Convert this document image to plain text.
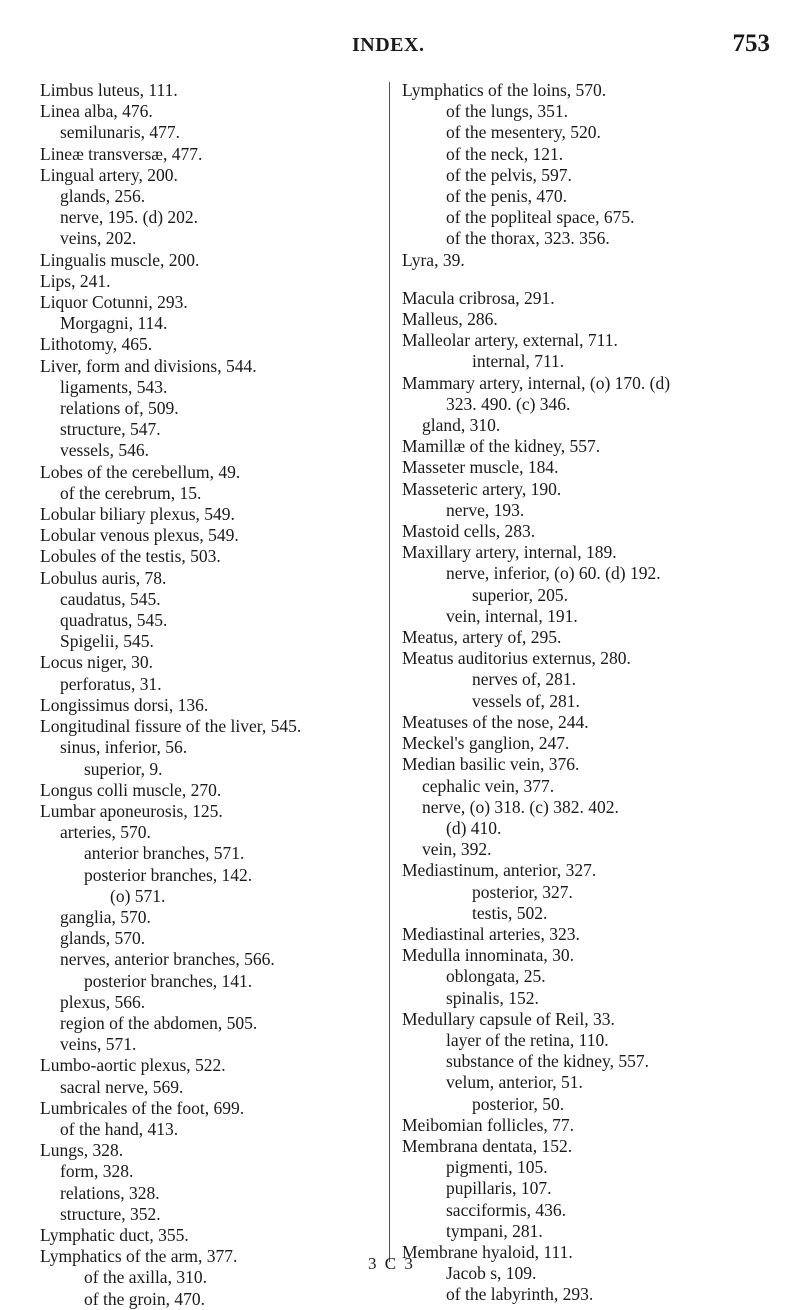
INDEX.	753
Limbus luteus, 111.
Linea alba, 476.
semilunaris, 477.
Lineæ transversæ, 477.
Lingual artery, 200.
glands, 256.
nerve, 195. (d) 202.
veins, 202.
Lingualis muscle, 200.
Lips, 241.
Liquor Cotunni, 293.
Morgagni, 114.
Lithotomy, 465.
Liver, form and divisions, 544.
ligaments, 543.
relations of, 509.
structure, 547.
vessels, 546.
Lobes of the cerebellum, 49.
of the cerebrum, 15.
Lobular biliary plexus, 549.
Lobular venous plexus, 549.
Lobules of the testis, 503.
Lobulus auris, 78.
caudatus, 545.
quadratus, 545.
Spigelii, 545.
Locus niger, 30.
perforatus, 31.
Longissimus dorsi, 136.
Longitudinal fissure of the liver, 545.
sinus, inferior, 56.
superior, 9.
Longus colli muscle, 270.
Lumbar aponeurosis, 125.
arteries, 570.
anterior branches, 571.
posterior branches, 142.
(o) 571.
ganglia, 570.
glands, 570.
nerves, anterior branches, 566.
posterior branches, 141.
plexus, 566.
region of the abdomen, 505.
veins, 571.
Lumbo-aortic plexus, 522.
sacral nerve, 569.
Lumbricales of the foot, 699.
of the hand, 413.
Lungs, 328.
form, 328.
relations, 328.
structure, 352.
Lymphatic duct, 355.
Lymphatics of the arm, 377.
of the axilla, 310.
of the groin, 470.
Lymphatics of the loins, 570.
of the lungs, 351.
of the mesentery, 520.
of the neck, 121.
of the pelvis, 597.
of the penis, 470.
of the popliteal space, 675.
of the thorax, 323. 356.
Lyra, 39.
Macula cribrosa, 291.
Malleus, 286.
Malleolar artery, external, 711.
internal, 711.
Mammary artery, internal, (o) 170. (d)
323. 490. (c) 346.
gland, 310.
Mamillæ of the kidney, 557.
Masseter muscle, 184.
Masseteric artery, 190.
nerve, 193.
Mastoid cells, 283.
Maxillary artery, internal, 189.
nerve, inferior, (o) 60. (d) 192.
superior, 205.
vein, internal, 191.
Meatus, artery of, 295.
Meatus auditorius externus, 280.
nerves of, 281.
vessels of, 281.
Meatuses of the nose, 244.
Meckel's ganglion, 247.
Median basilic vein, 376.
cephalic vein, 377.
nerve, (o) 318. (c) 382. 402.
(d) 410.
vein, 392.
Mediastinum, anterior, 327.
posterior, 327.
testis, 502.
Mediastinal arteries, 323.
Medulla innominata, 30.
oblongata, 25.
spinalis, 152.
Medullary capsule of Reil, 33.
layer of the retina, 110.
substance of the kidney, 557.
velum, anterior, 51.
posterior, 50.
Meibomian follicles, 77.
Membrana dentata, 152.
pigmenti, 105.
pupillaris, 107.
sacciformis, 436.
tympani, 281.
Membrane hyaloid, 111.
Jacob s, 109.
of the labyrinth, 293.
3 C 3
